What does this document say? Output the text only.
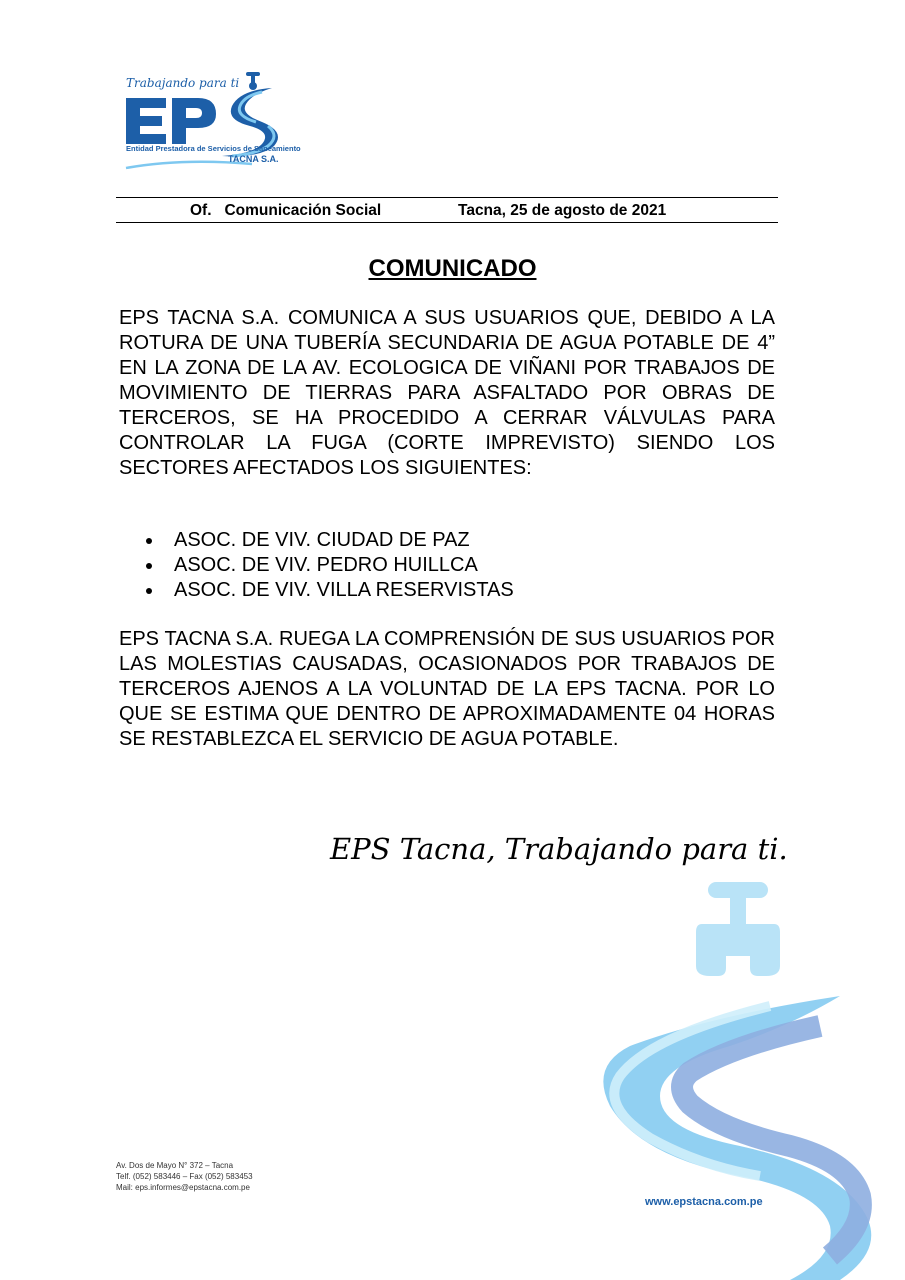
Trabajando para ti
Entidad Prestadora de Servicios de Saneamiento
TACNA S.A.
Of.   Comunicación Social	Tacna, 25 de agosto de 2021
COMUNICADO

EPS TACNA S.A. COMUNICA A SUS USUARIOS QUE, DEBIDO A LA ROTURA DE UNA TUBERÍA SECUNDARIA DE AGUA POTABLE DE 4” EN LA ZONA DE LA AV. ECOLOGICA DE VIÑANI POR TRABAJOS DE MOVIMIENTO DE TIERRAS PARA ASFALTADO POR OBRAS DE TERCEROS, SE HA PROCEDIDO A CERRAR VÁLVULAS PARA CONTROLAR LA FUGA (CORTE IMPREVISTO) SIENDO LOS SECTORES AFECTADOS LOS SIGUIENTES:

ASOC. DE VIV. CIUDAD DE PAZ
ASOC. DE VIV. PEDRO HUILLCA
ASOC. DE VIV. VILLA RESERVISTAS

EPS TACNA S.A. RUEGA LA COMPRENSIÓN DE SUS USUARIOS POR LAS MOLESTIAS CAUSADAS, OCASIONADOS POR TRABAJOS DE TERCEROS AJENOS A LA VOLUNTAD DE LA EPS TACNA. POR LO QUE SE ESTIMA QUE DENTRO DE APROXIMADAMENTE 04 HORAS SE RESTABLEZCA EL SERVICIO DE AGUA POTABLE.

EPS Tacna, Trabajando para ti.
Av. Dos de Mayo N° 372 – Tacna
Telf. (052) 583446 – Fax (052) 583453
Mail: eps.informes@epstacna.com.pe
www.epstacna.com.pe
